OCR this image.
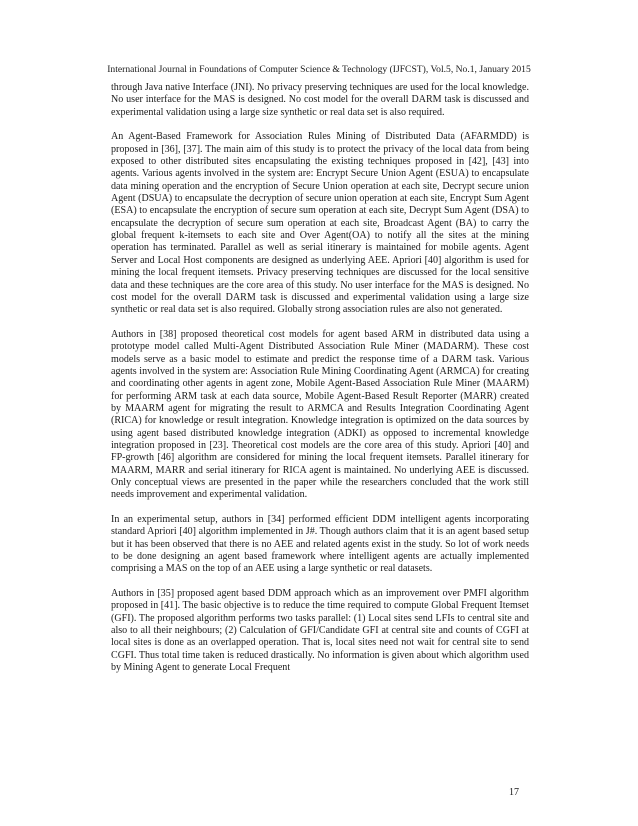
International Journal in Foundations of Computer Science & Technology (IJFCST), Vol.5, No.1, January 2015

through Java native Interface (JNI). No privacy preserving techniques are used for the local knowledge. No user interface for the MAS is designed. No cost model for the overall DARM task is discussed and experimental validation using a large size synthetic or real data set is also required.

An Agent-Based Framework for Association Rules Mining of Distributed Data (AFARMDD) is proposed in [36], [37]. The main aim of this study is to protect the privacy of the local data from being exposed to other distributed sites encapsulating the existing techniques proposed in [42], [43] into agents. Various agents involved in the system are: Encrypt Secure Union Agent (ESUA) to encapsulate data mining operation and the encryption of Secure Union operation at each site, Decrypt secure union Agent (DSUA) to encapsulate the decryption of secure union operation at each site, Encrypt Sum Agent (ESA) to encapsulate the encryption of secure sum operation at each site, Decrypt Sum Agent (DSA) to encapsulate the decryption of secure sum operation at each site, Broadcast Agent (BA) to carry the global frequent k-itemsets to each site and Over Agent(OA) to notify all the sites at the mining operation has terminated. Parallel as well as serial itinerary is maintained for mobile agents. Agent Server and Local Host components are designed as underlying AEE. Apriori [40] algorithm is used for mining the local frequent itemsets. Privacy preserving techniques are discussed for the local sensitive data and these techniques are the core area of this study. No user interface for the MAS is designed. No cost model for the overall DARM task is discussed and experimental validation using a large size synthetic or real data set is also required. Globally strong association rules are also not generated.

Authors in [38] proposed theoretical cost models for agent based ARM in distributed data using a prototype model called Multi-Agent Distributed Association Rule Miner (MADARM). These cost models serve as a basic model to estimate and predict the response time of a DARM task. Various agents involved in the system are: Association Rule Mining Coordinating Agent (ARMCA) for creating and coordinating other agents in agent zone, Mobile Agent-Based Association Rule Miner (MAARM) for performing ARM task at each data source, Mobile Agent-Based Result Reporter (MARR) created by MAARM agent for migrating the result to ARMCA and Results Integration Coordinating Agent (RICA) for knowledge or result integration. Knowledge integration is optimized on the data sources by using agent based distributed knowledge integration (ADKI) as opposed to incremental knowledge integration proposed in [23]. Theoretical cost models are the core area of this study. Apriori [40] and FP-growth [46] algorithm are considered for mining the local frequent itemsets. Parallel itinerary for MAARM, MARR and serial itinerary for RICA agent is maintained. No underlying AEE is discussed. Only conceptual views are presented in the paper while the researchers concluded that the work still needs improvement and experimental validation.

In an experimental setup, authors in [34] performed efficient DDM intelligent agents incorporating standard Apriori [40] algorithm implemented in J#. Though authors claim that it is an agent based setup but it has been observed that there is no AEE and related agents exist in the study. So lot of work needs to be done designing an agent based framework where intelligent agents are actually implemented comprising a MAS on the top of an AEE using a large synthetic or real datasets.

Authors in [35] proposed agent based DDM approach which as an improvement over PMFI algorithm proposed in [41]. The basic objective is to reduce the time required to compute Global Frequent Itemset (GFI). The proposed algorithm performs two tasks parallel: (1) Local sites send LFIs to central site and also to all their neighbours; (2) Calculation of GFI/Candidate GFI at central site and counts of CGFI at local sites is done as an overlapped operation. That is, local sites need not wait for central site to send CGFI. Thus total time taken is reduced drastically. No information is given about which algorithm used by Mining Agent to generate Local Frequent

17
